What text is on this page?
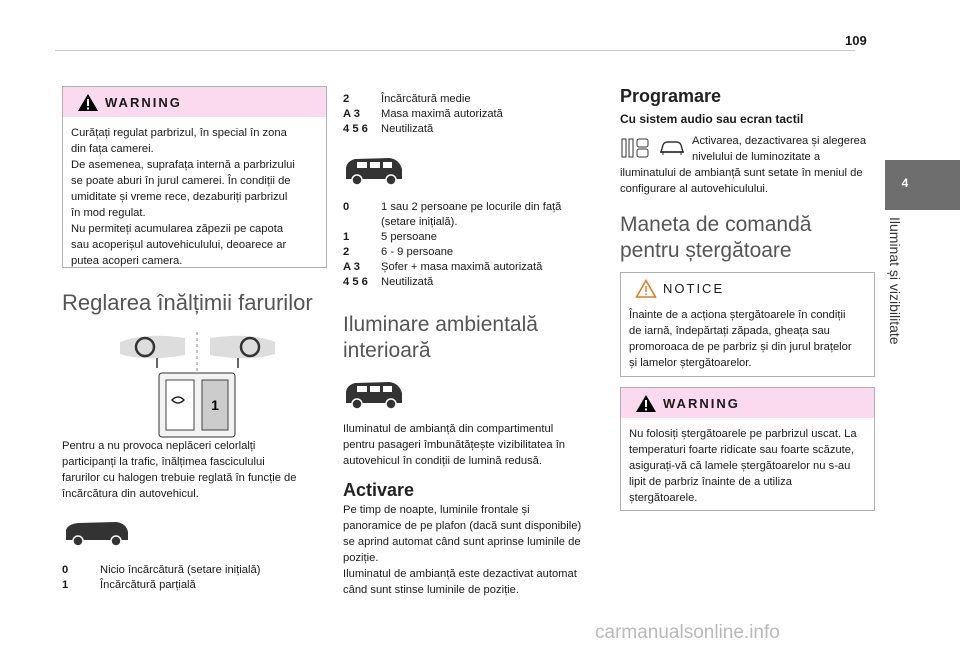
109
4
Iluminat și vizibilitate
WARNING
Curățați regulat parbrizul, în special în zona
din fața camerei.
De asemenea, suprafața internă a parbrizului
se poate aburi în jurul camerei. În condiții de
umiditate și vreme rece, dezaburiți parbrizul
în mod regulat.
Nu permiteți acumularea zăpezii pe capota
sau acoperișul autovehiculului, deoarece ar
putea acoperi camera.
Reglarea înălțimii farurilor
1
Pentru a nu provoca neplăceri celorlalți
participanți la trafic, înălțimea fasciculului
farurilor cu halogen trebuie reglată în funcție de
încărcătura din autovehicul.
0	Nicio încărcătură (setare inițială)
1	Încărcătură parțială
2	Încărcătură medie
A 3 Masa maximă autorizată
4 5 6 Neutilizată
0	1 sau 2 persoane pe locurile din față
(setare inițială).
1	5 persoane
2	6 - 9 persoane
A 3 Șofer + masa maximă autorizată
4 5 6 Neutilizată
Iluminare ambientală
interioară
Iluminatul de ambianță din compartimentul
pentru pasageri îmbunătățește vizibilitatea în
autovehicul în condiții de lumină redusă.
Activare
Pe timp de noapte, luminile frontale și
panoramice de pe plafon (dacă sunt disponibile)
se aprind automat când sunt aprinse luminile de
poziție.
Iluminatul de ambianță este dezactivat automat
când sunt stinse luminile de poziție.
Programare
Cu sistem audio sau ecran tactil
Activarea, dezactivarea și alegerea
nivelului de luminozitate a
iluminatului de ambianță sunt setate în meniul de
configurare al autovehiculului.
Maneta de comandă
pentru ștergătoare
NOTICE
Înainte de a acționa ștergătoarele în condiții
de iarnă, îndepărtați zăpada, gheața sau
promoroaca de pe parbriz și din jurul brațelor
și lamelor ștergătoarelor.
WARNING
Nu folosiți ștergătoarele pe parbrizul uscat. La
temperaturi foarte ridicate sau foarte scăzute,
asigurați-vă că lamele ștergătoarelor nu s-au
lipit de parbriz înainte de a utiliza
ștergătoarele.
carmanualsonline.info
